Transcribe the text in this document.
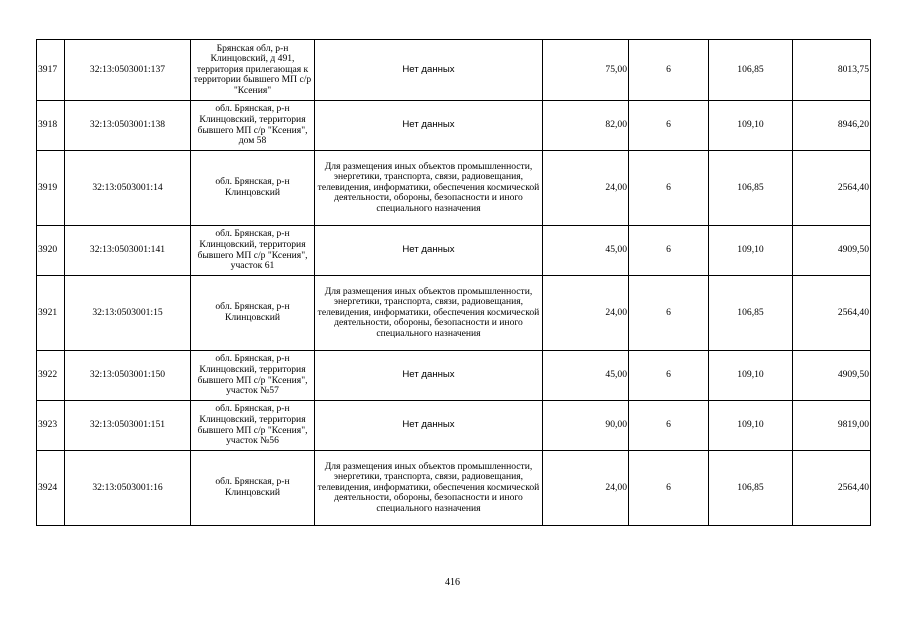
3917	32:13:0503001:137	Брянская обл, р-н Клинцовский, д 491, территория прилегающая к территории бывшего МП с/р "Ксения"	Нет данных	75,00	6	106,85	8013,75
3918	32:13:0503001:138	обл. Брянская, р-н Клинцовский, территория бывшего МП с/р "Ксения", дом 58	Нет данных	82,00	6	109,10	8946,20
3919	32:13:0503001:14	обл. Брянская, р-н Клинцовский	Для размещения иных объектов промышленности, энергетики, транспорта, связи, радиовещания, телевидения, информатики, обеспечения космической деятельности, обороны, безопасности и иного специального назначения	24,00	6	106,85	2564,40
3920	32:13:0503001:141	обл. Брянская, р-н Клинцовский, территория бывшего МП с/р "Ксения", участок 61	Нет данных	45,00	6	109,10	4909,50
3921	32:13:0503001:15	обл. Брянская, р-н Клинцовский	Для размещения иных объектов промышленности, энергетики, транспорта, связи, радиовещания, телевидения, информатики, обеспечения космической деятельности, обороны, безопасности и иного специального назначения	24,00	6	106,85	2564,40
3922	32:13:0503001:150	обл. Брянская, р-н Клинцовский, территория бывшего МП с/р "Ксения", участок №57	Нет данных	45,00	6	109,10	4909,50
3923	32:13:0503001:151	обл. Брянская, р-н Клинцовский, территория бывшего МП с/р "Ксения", участок №56	Нет данных	90,00	6	109,10	9819,00
3924	32:13:0503001:16	обл. Брянская, р-н Клинцовский	Для размещения иных объектов промышленности, энергетики, транспорта, связи, радиовещания, телевидения, информатики, обеспечения космической деятельности, обороны, безопасности и иного специального назначения	24,00	6	106,85	2564,40
416
